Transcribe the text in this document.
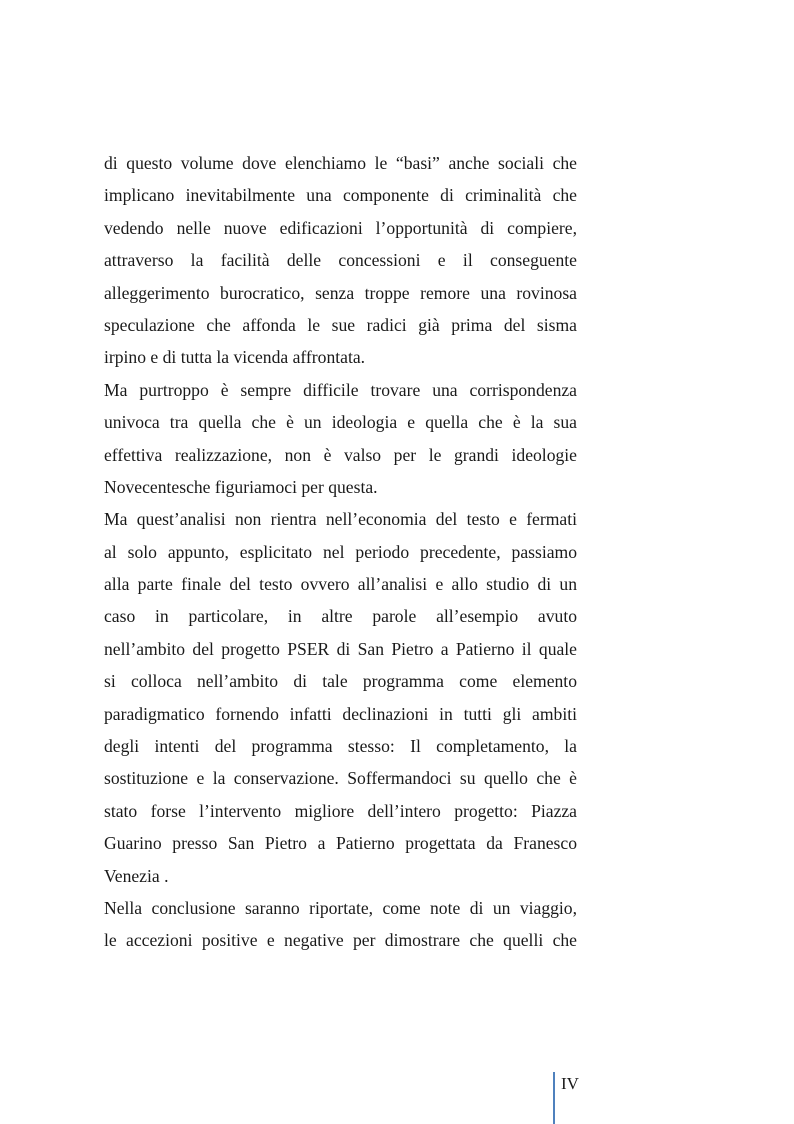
di questo volume dove elenchiamo le “basi” anche sociali che
implicano inevitabilmente una componente di criminalità che
vedendo nelle nuove edificazioni l’opportunità di compiere,
attraverso la facilità delle concessioni e il conseguente
alleggerimento burocratico, senza troppe remore una rovinosa
speculazione che affonda le sue radici già prima del sisma
irpino e di tutta la vicenda affrontata.
Ma purtroppo è sempre difficile trovare una corrispondenza
univoca tra quella che è un ideologia e quella che è la sua
effettiva realizzazione, non è valso per le grandi ideologie
Novecentesche figuriamoci per questa.
Ma quest’analisi non rientra nell’economia del testo e fermati
al solo appunto, esplicitato nel periodo precedente, passiamo
alla parte finale del testo ovvero all’analisi e allo studio di un
caso in particolare, in altre parole all’esempio avuto
nell’ambito del progetto PSER di San Pietro a Patierno il quale
si colloca nell’ambito di tale programma come elemento
paradigmatico fornendo infatti declinazioni in tutti gli ambiti
degli intenti del programma stesso: Il completamento, la
sostituzione e la conservazione. Soffermandoci su quello che è
stato forse l’intervento migliore dell’intero progetto: Piazza
Guarino presso San Pietro a Patierno progettata da Franesco
Venezia .
Nella conclusione saranno riportate, come note di un viaggio,
le accezioni positive e negative per dimostrare che quelli che
IV
